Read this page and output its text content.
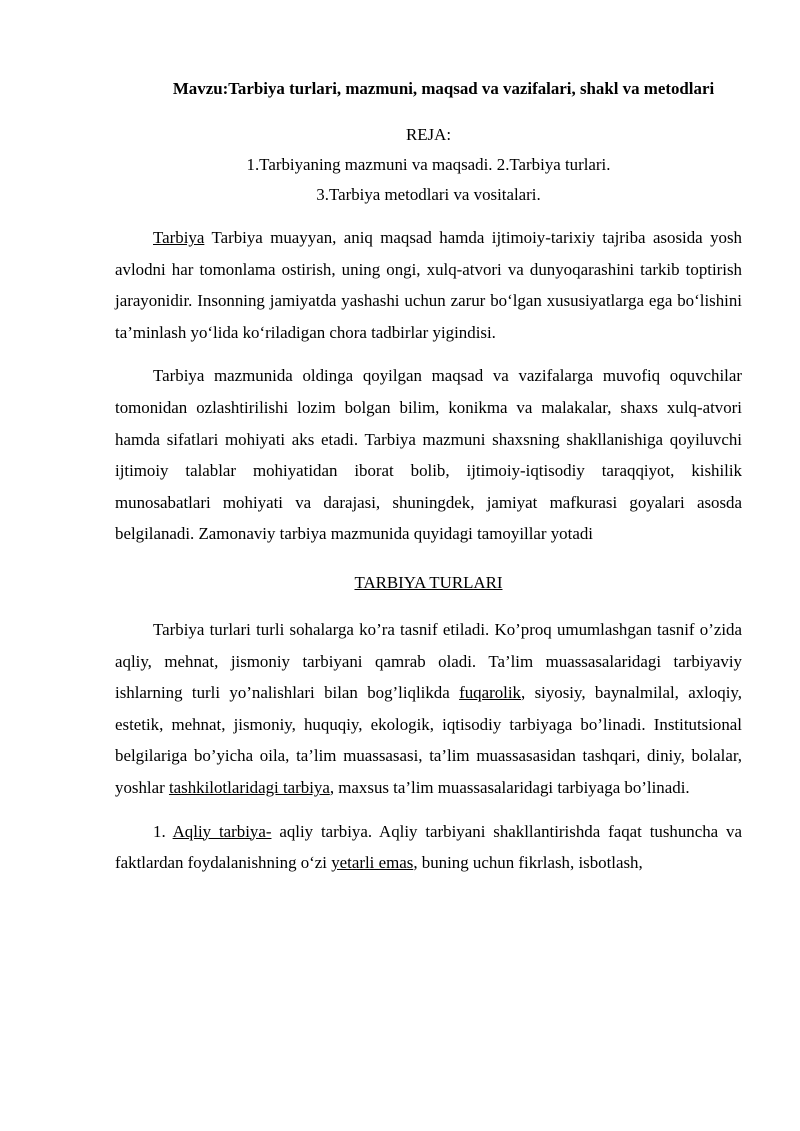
Mavzu:Tarbiya turlari, mazmuni, maqsad va vazifalari, shakl va metodlari
REJA:
1.Tarbiyaning mazmuni va maqsadi. 2.Tarbiya turlari.
3.Tarbiya metodlari va vositalari.

Tarbiya Tarbiya muayyan, aniq maqsad hamda ijtimoiy-tarixiy tajriba asosida yosh avlodni har tomonlama ostirish, uning ongi, xulq-atvori va dunyoqarashini tarkib toptirish jarayonidir. Insonning jamiyatda yashashi uchun zarur bo‘lgan xususiyatlarga ega bo‘lishini ta’minlash yo‘lida ko‘riladigan chora tadbirlar yigindisi.

Tarbiya mazmunida oldinga qoyilgan maqsad va vazifalarga muvofiq oquvchilar tomonidan ozlashtirilishi lozim bolgan bilim, konikma va malakalar, shaxs xulq-atvori hamda sifatlari mohiyati aks etadi. Tarbiya mazmuni shaxsning shakllanishiga qoyiluvchi ijtimoiy talablar mohiyatidan iborat bolib, ijtimoiy-iqtisodiy taraqqiyot, kishilik munosabatlari mohiyati va darajasi, shuningdek, jamiyat mafkurasi goyalari asosda belgilanadi. Zamonaviy tarbiya mazmunida quyidagi tamoyillar yotadi

TARBIYA TURLARI

Tarbiya turlari turli sohalarga ko’ra tasnif etiladi. Ko’proq umumlashgan tasnif o’zida aqliy, mehnat, jismoniy tarbiyani qamrab oladi. Ta’lim muassasalaridagi tarbiyaviy ishlarning turli yo’nalishlari bilan bog’liqlikda fuqarolik, siyosiy, baynalmilal, axloqiy, estetik, mehnat, jismoniy, huquqiy, ekologik, iqtisodiy tarbiyaga bo’linadi. Institutsional belgilariga bo’yicha oila, ta’lim muassasasi, ta’lim muassasasidan tashqari, diniy, bolalar, yoshlar tashkilotlaridagi tarbiya, maxsus ta’lim muassasalaridagi tarbiyaga bo’linadi.

1. Aqliy tarbiya- aqliy tarbiya. Aqliy tarbiyani shakllantirishda faqat tushuncha va faktlardan foydalanishning o‘zi yetarli emas, buning uchun fikrlash, isbotlash,
